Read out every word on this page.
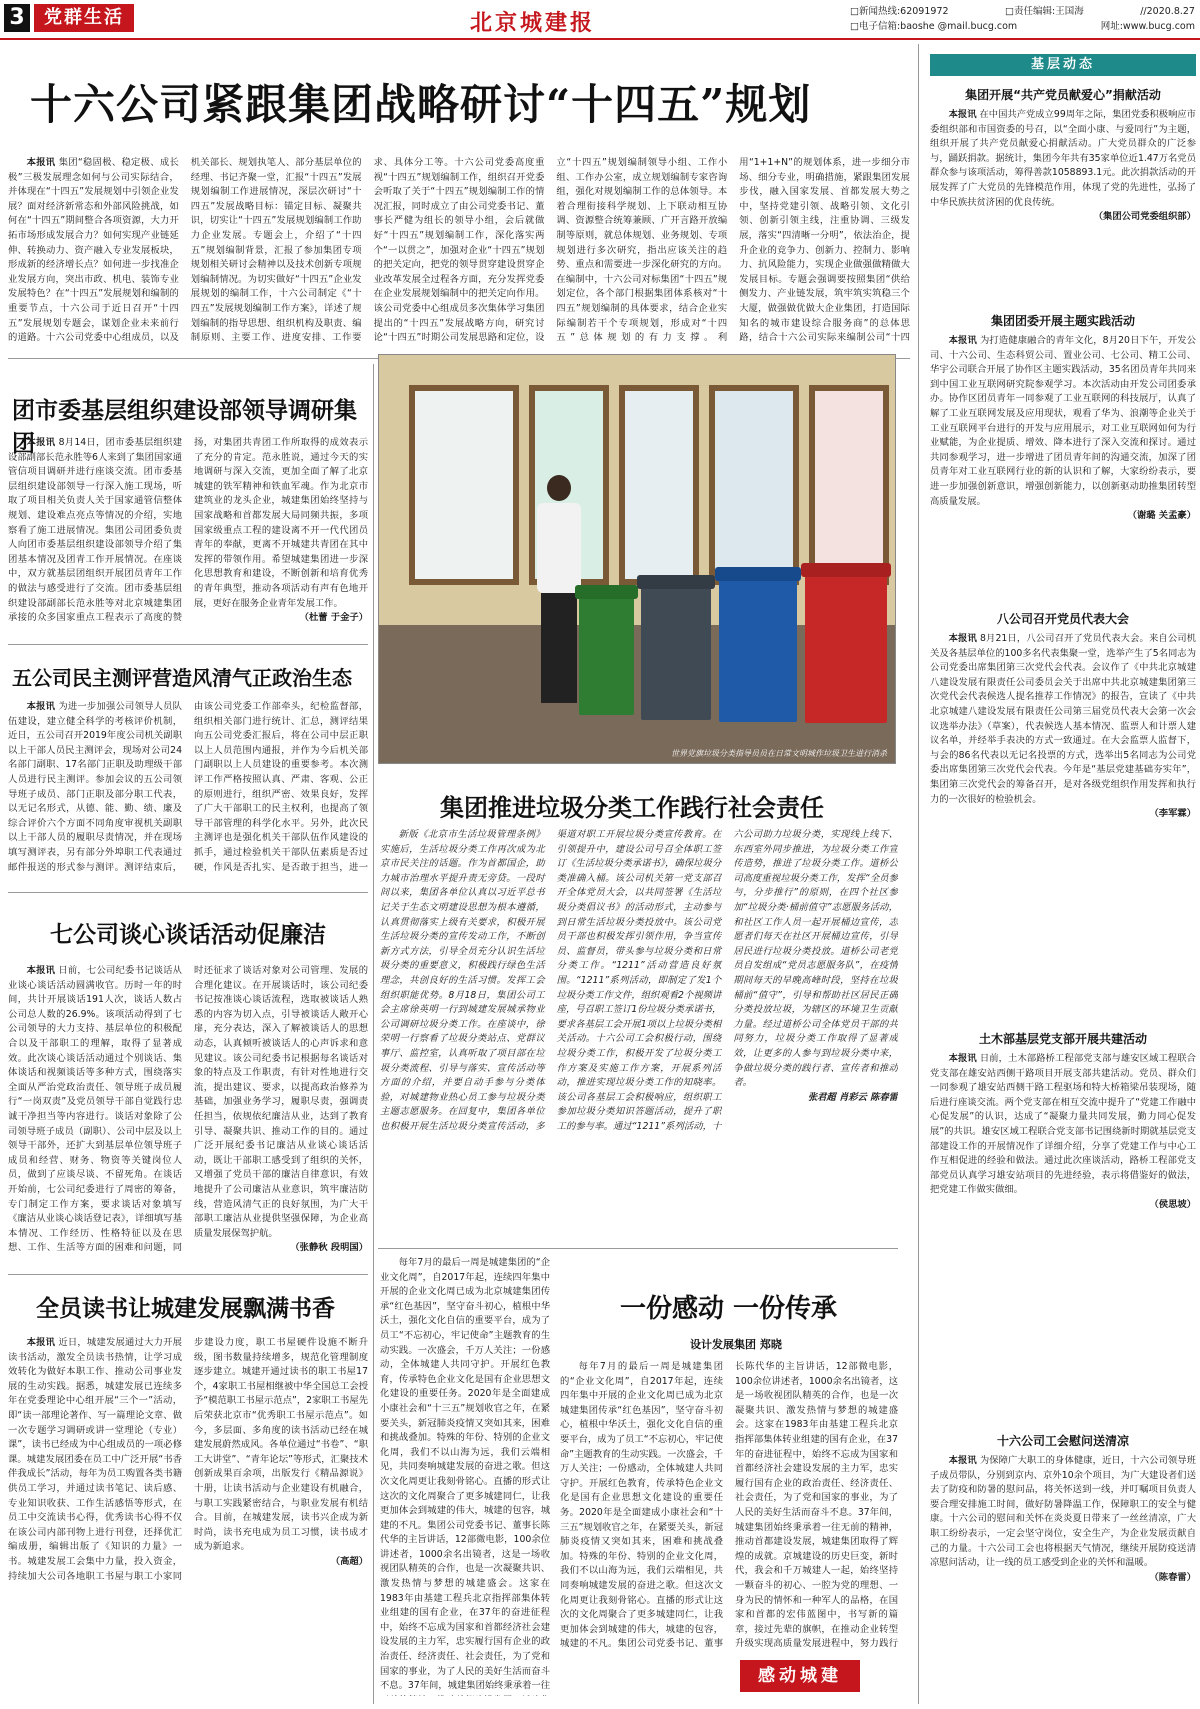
3	党群生活	北京城建报	□新闻热线:62091972	□责任编辑:王国海	//2020.8.27
□电子信箱:baoshe @mail.bucg.com	网址:www.bucg.com
十六公司紧跟集团战略研讨“十四五”规划

本报讯 集团“稳固极、稳定极、成长极”三极发展理念如何与公司实际结合，并体现在“十四五”发展规划中引领企业发展？面对经济新常态和外部风险挑战，如何在“十四五”期间整合各项资源，大力开拓市场形成发展合力？如何实现产业链延伸、转换动力、资产融入专业发展板块，形成新的经济增长点？如何进一步找准企业发展方向，突出市政、机电、装饰专业发展特色？在“十四五”发展规划和编制的重要节点，十六公司于近日召开“十四五”发展规划专题会，谋划企业未来前行的道路。十六公司党委中心组成员，以及机关部长、规划执笔人、部分基层单位的经理、书记齐聚一堂，汇报“十四五”发展规划编制工作进展情况，深层次研讨“十四五”发展战略目标：锚定目标、凝聚共识，切实让“十四五”发展规划编制工作助力企业发展。专题会上，介绍了“十四五”规划编制背景，汇报了参加集团专项规划相关研讨会精神以及技术创新专项规划编制情况。为切实做好“十四五”企业发展规划的编制工作，十六公司制定《“十四五”发展规划编制工作方案》，详述了规划编制的指导思想、组织机构及职责、编制原则、主要工作、进度安排、工作要求、具体分工等。十六公司党委高度重视“十四五”规划编制工作，组织召开党委会听取了关于“十四五”规划编制工作的情况汇报，同时成立了由公司党委书记、董事长严健为组长的领导小组，会后就做好“十四五”规划编制工作，深化落实两个“一以贯之”，加强对企业“十四五”规划的把关定向，把党的领导贯穿建设贯穿企业改革发展全过程各方面，充分发挥党委在企业发展规划编制中的把关定向作用。该公司党委中心组成员多次集体学习集团提出的“十四五”发展战略方向，研究讨论“十四五”时期公司发展思路和定位，设立“十四五”规划编制领导小组、工作小组、工作办公室，成立规划编制专家咨询组，强化对规划编制工作的总体领导。本着合理衔接科学规划、上下联动相互协调、资源整合统筹兼顾、广开言路开放编制等原则，就总体规划、业务规划、专项规划进行多次研究，指出应该关注的趋势、重点和需要进一步深化研究的方向。在编制中，十六公司对标集团“十四五”规划定位，各个部门根据集团体系核对“十四五”规划编制的具体要求，结合企业实际编制若干个专项规划，形成对“十四五”总体规划的有力支撑。利用“1+1+N”的规划体系，进一步细分市场、细分专业，明确措施，紧跟集团发展步伐，融入国家发展、首都发展大势之中，坚持党建引领、战略引领、文化引领、创新引领主线，注重协调、三级发展，落实“四清晰一分明”，依法治企，提升企业的竞争力、创新力、控制力、影响力、抗风险能力，实现企业做强做精做大发展目标。专题会强调要按照集团“供给侧发力、产业链发展，筑牢筑实筑稳三个大厦，做强做优做大企业集团，打造国际知名的城市建设综合服务商”的总体思路，结合十六公司实际来编制公司“十四

团市委基层组织建设部领导调研集团

本报讯 8月14日，团市委基层组织建设部副部长范永胜等6人来到了集团国家通管信项目调研并进行座谈交流。团市委基层组织建设部领导一行深入施工现场，听取了项目相关负责人关于国家通管信整体规划、建设难点亮点等情况的介绍，实地察看了施工进展情况。集团公司团委负责人向团市委基层组织建设部领导介绍了集团基本情况及团青工作开展情况。在座谈中，双方就基层团组织开展团员青年工作的做法与感受进行了交流。团市委基层组织建设部副部长范永胜等对北京城建集团承接的众多国家重点工程表示了高度的赞扬，对集团共青团工作所取得的成效表示了充分的肯定。范永胜说，通过今天的实地调研与深入交流，更加全面了解了北京城建的铁军精神和铁血军魂。作为北京市建筑业的龙头企业，城建集团始终坚持与国家战略和首都发展大局同频共振，多项国家级重点工程的建设离不开一代代团员青年的奉献，更离不开城建共青团在其中发挥的带领作用。希望城建集团进一步深化思想教育和建设，不断创新和培育优秀的青年典型，推动各项活动有声有色地开展，更好在服务企业青年发展工作。

（杜蕾 于金子）

五公司民主测评营造风清气正政治生态

本报讯 为进一步加强公司领导人员队伍建设，建立健全科学的考核评价机制，近日，五公司召开2019年度公司机关副职以上干部人员民主测评会，现场对公司24名部门副职、17名部门正职及助理级干部人员进行民主测评。参加会议的五公司领导班子成员、部门正职及部分职工代表，以无记名形式，从德、能、勤、绩、廉及综合评价六个方面不同角度审视机关副职以上干部人员的履职尽责情况，并在现场填写测评表，另有部分外埠职工代表通过邮件报送的形式参与测评。测评结束后，由该公司党委工作部牵头，纪检监督部，组织相关部门进行统计、汇总，测评结果向五公司党委汇报后，将在公司中层正职以上人员范围内通报，并作为今后机关部门副职以上人员建设的重要参考。本次测评工作严格按照认真、严肃、客观、公正的原则进行，组织严密、效果良好，发挥了广大干部职工的民主权利，也提高了领导干部管理的科学化水平。另外，此次民主测评也是强化机关干部队伍作风建设的抓手，通过检验机关干部队伍素质是否过硬，作风是否扎实、是否敢于担当，进一

七公司谈心谈话活动促廉洁

本报讯 日前，七公司纪委书记谈话从业谈心谈话活动圆满收官。历时一年的时间，共计开展谈话191人次，谈话人数占公司总人数的26.9%。该项活动得到了七公司领导的大力支持、基层单位的积极配合以及干部职工的理解，取得了显著成效。此次谈心谈话活动通过个别谈话、集体谈话和视频谈话等多种方式，围绕落实全面从严治党政治责任、领导班子成员履行“一岗双责”及党员领导干部自觉践行忠诚干净担当等内容进行。谈话对象除了公司领导班子成员（副职）、公司中层及以上领导干部外，还扩大到基层单位领导班子成员和经营、财务、物资等关键岗位人员，做到了应谈尽谈、不留死角。在谈话开始前，七公司纪委进行了周密的筹备，专门制定工作方案，要求谈话对象填写《廉洁从业谈心谈话登记表》，详细填写基本情况、工作经历、性格特征以及在思想、工作、生活等方面的困难和问题，同时还征求了谈话对象对公司管理、发展的合理化建议。在开展谈话时，该公司纪委书记按准谈心谈话流程，选取被谈话人熟悉的内容为切入点，引导被谈话人敞开心扉，充分表达，深入了解被谈话人的思想动态，认真倾听被谈话人的心声诉求和意见建议。该公司纪委书记根据每名谈话对象的特点及工作职责，有针对性地进行交流，提出建议、要求，以提高政治修养为基础，加强业务学习，履职尽责，强调责任担当，依规依纪廉洁从业，达到了教育引导、凝聚共识、推动工作的目的。通过广泛开展纪委书记廉洁从业谈心谈话活动，既让干部职工感受到了组织的关怀，又增强了党员干部的廉洁自律意识，有效地提升了公司廉洁从业意识，筑牢廉洁防线，营造风清气正的良好氛围，为广大干部职工廉洁从业提供坚强保障，为企业高质量发展保驾护航。

（张静秋 段明国）

全员读书让城建发展飘满书香

本报讯 近日，城建发展通过大力开展读书活动，激发全员读书热情，让学习成效转化为做好本职工作、推动公司事业发展的生动实践。据悉，城建发展已连续多年在党委理论中心组开展“三个一”活动，即“读一部理论著作、写一篇理论文章、做一次专题学习调研或讲一堂理论（专业）课”，读书已经成为中心组成员的一项必修课。城建发展团委在员工中广泛开展“书香伴我成长”活动，每年为员工购置各类书籍供员工学习，并通过读书笔记、读后感、专业知识收获、工作生活感悟等形式，在员工中交流读书心得，优秀读书心得不仅在该公司内部刊物上进行刊登，还择优汇编成册，编辑出版了《知识的力量》一书。城建发展工会集中力量，投入资金，持续加大公司各地职工书屋与职工小家同步建设力度，职工书屋硬件设施不断升级，图书数量持续增多，规范化管理制度逐步建立。城建开通过读书的职工书屋17个，4家职工书屋相继被中华全国总工会授予“模范职工书屋示范点”，2家职工书屋先后荣获北京市“优秀职工书屋示范点”。如今，多层面、多角度的读书活动已经在城建发展蔚然成风。各单位通过“书卷”、“职工大讲堂”、“青年论坛”等形式，汇聚技术创新成果百余项，出版发行《精品源说》十册，让读书活动与企业建设有机融合，与职工实践紧密结合，与职业发展有机结合。目前，在城建发展，读书兴企成为新时尚，读书充电成为员工习惯，读书成才成为新追求。

（高超）

世界党旗垃圾分类指导员员在日常文明城作垃圾卫生进行消杀
集团推进垃圾分类工作践行社会责任

新版《北京市生活垃圾管理条例》实施后，生活垃圾分类工作再次成为北京市民关注的话题。作为首都国企，助力城市治理水平提升责无旁贷。一段时间以来，集团各单位认真以习近平总书记关于生态文明建设思想为根本遵循，认真贯彻落实上级有关要求，积极开展生活垃圾分类的宣传发动工作，不断创新方式方法，引导全员充分认识生活垃圾分类的重要意义，积极践行绿色生活理念，共创良好的生活习惯。发挥工会组织职能优势。8月18日，集团公司工会主席徐英明一行到城建发展城承物业公司调研垃圾分类工作。在座谈中，徐荣明一行察看了垃圾分类站点、党群议事厅、监控室，认真听取了项目部在垃圾分类流程、引导与落实、宣传活动等方面的介绍，并要自动手参与分类体验，对城建物业热心员工参与垃圾分类主题志愿服务。在回复中，集团各单位也积极开展生活垃圾分类宣传活动，多渠道对职工开展垃圾分类宣传教育。在引领提升中，建设公司号召全体职工签订《生活垃圾分类承诺书》，确保垃圾分类准确入桶。该公司机关第一党支部召开全体党员大会，以共同签署《生活垃圾分类倡议书》的活动形式，主动参与到日常生活垃圾分类投放中。该公司党员干部也积极发挥引领作用，争当宣传员、监督员，带头参与垃圾分类和日常分类工作。“1211”活动营造良好氛围。“1211”系列活动，即制定了发1个垃圾分类工作文件，组织观看2个视频讲座，号召职工签订1份垃圾分类承诺书，要求各基层工会开展1项以上垃圾分类相关活动。十六公司工会积极行动，围绕垃圾分类工作，积极开发了垃圾分类工作方案及实施工作方案，开展系列活动，推进实现垃圾分类工作的知晓率。该公司各基层工会积极响应，组织职工参加垃圾分类知识答题活动，提升了职工的参与率。通过“1211”系列活动，十六公司助力垃圾分类，实现线上线下、东西室外同步推进，为垃圾分类工作宣传造势，推进了垃圾分类工作。道桥公司高度重视垃圾分类工作，发挥“全员参与，分步推行”的原则，在四个社区参加“垃圾分类·桶前值守”志愿服务活动，和社区工作人员一起开展桶边宣传，志愿者们每天在社区开展桶边宣传，引导居民进行垃圾分类投放。道桥公司老党员自发组成“党员志愿服务队”，在疫情期间每天的早晚高峰时段，坚持在垃圾桶前“值守”，引导和帮助社区居民正确分类投放垃圾，为辖区的环境卫生贡献力量。经过道桥公司全体党员干部的共同努力，垃圾分类工作取得了显著成效，让更多的人参与到垃圾分类中来，争做垃圾分类的践行者、宣传者和推动者。

张君超 肖彩云 陈春雷

每年7月的最后一周是城建集团的“企业文化周”，自2017年起，连续四年集中开展的企业文化周已成为北京城建集团传承“红色基因”，坚守奋斗初心，植根中华沃土，强化文化自信的重要平台，成为了员工“不忘初心，牢记使命”主题教育的生动实践。一次盛会，千万人关注；一份感动，全体城建人共同守护。开展红色教育，传承特色企业文化是国有企业思想文化建设的重要任务。2020年是全面建成小康社会和“十三五”规划收官之年，在紧要关头，新冠肺炎疫情又突如其来，困难和挑战叠加。特殊的年份、特别的企业文化周，我们不以山海为远，我们云端相见，共同奏响城建发展的奋进之歌。但这次文化周更让我刻骨铭心。直播的形式让这次的文化周聚合了更多城建同仁，让我更加体会到城建的伟大，城建的包容，城建的不凡。集团公司党委书记、董事长陈代华的主旨讲话，12部微电影，100余位讲述者，1000余名出镜者，这是一场收视团队精英的合作，也是一次凝聚共识、激发热情与梦想的城建盛会。这家在1983年由基建工程兵北京指挥部集体转业组建的国有企业，在37年的奋进征程中，始终不忘成为国家和首都经济社会建设发展的主力军，忠实履行国有企业的政治责任、经济责任、社会责任，为了党和国家的事业，为了人民的美好生活而奋斗不息。37年间，城建集团始终秉承着一往

一份感动 一份传承
设计发展集团 郑晓

每年7月的最后一周是城建集团的“企业文化周”，自2017年起，连续四年集中开展的企业文化周已成为北京城建集团传承“红色基因”，坚守奋斗初心，植根中华沃土，强化文化自信的重要平台，成为了员工“不忘初心，牢记使命”主题教育的生动实践。一次盛会，千万人关注；一份感动，全体城建人共同守护。开展红色教育，传承特色企业文化是国有企业思想文化建设的重要任务。2020年是全面建成小康社会和“十三五”规划收官之年，在紧要关头，新冠肺炎疫情又突如其来，困难和挑战叠加。特殊的年份、特别的企业文化周，我们不以山海为远，我们云端相见，共同奏响城建发展的奋进之歌。但这次文化周更让我刻骨铭心。直播的形式让这次的文化周聚合了更多城建同仁，让我更加体会到城建的伟大，城建的包容，城建的不凡。集团公司党委书记、董事长陈代华的主旨讲话，12部微电影，100余位讲述者，1000余名出镜者，这是一场收视团队精英的合作，也是一次凝聚共识、激发热情与梦想的城建盛会。这家在1983年由基建工程兵北京指挥部集体转业组建的国有企业，在37年的奋进征程中，始终不忘成为国家和首都经济社会建设发展的主力军，忠实履行国有企业的政治责任、经济责任、社会责任，为了党和国家的事业，为了人民的美好生活而奋斗不息。37年间，城建集团始终秉承着一往无前的精神，推动首都建设发展，城建集团取得了辉煌的成就。京城建设的历史巨变，新时代，我会和千万城建人一起，始终坚持一颗奋斗的初心、一腔为党的理想、一身为民的情怀和一种军人的品格，在国家和首都的宏伟蓝图中，书写新的篇章，接过先辈的旗帜，在推动企业转型升级实现高质量发展进程中，努力践行

感动城建
基层动态
集团开展“共产党员献爱心”捐献活动

本报讯 在中国共产党成立99周年之际，集团党委积极响应市委组织部和市国资委的号召，以“全面小康、与爱同行”为主题，组织开展了共产党员献爱心捐献活动。广大党员群众的广泛参与，踊跃捐款。据统计，集团今年共有35家单位近1.47万名党员群众参与该项活动，筹得善款1058893.1元。此次捐款活动的开展发挥了广大党员的先锋模范作用，体现了党的先进性，弘扬了中华民族扶贫济困的优良传统。

（集团公司党委组织部）

集团团委开展主题实践活动

本报讯 为打造健康融合的青年文化，8月20日下午，开发公司、十六公司、生态科贸公司、置业公司、七公司、精工公司、华宇公司联合开展了协作区主题实践活动，35名团员青年共同来到中国工业互联网研究院参观学习。本次活动由开发公司团委承办。协作区团员青年一同参观了工业互联网的科技展厅，认真了解了工业互联网发展及应用现状，观看了华为、浪潮等企业关于工业互联网平台进行的开发与应用展示，对工业互联网如何为行业赋能，为企业提质、增效、降本进行了深入交流和探讨。通过共同参观学习，进一步增进了团员青年间的沟通交流，加深了团员青年对工业互联网行业的新的认识和了解，大家纷纷表示，要进一步加强创新意识，增强创新能力，以创新驱动助推集团转型高质量发展。

（谢璐 关孟豪）

八公司召开党员代表大会

本报讯 8月21日，八公司召开了党员代表大会。来自公司机关及各基层单位的100多名代表集聚一堂，选举产生了5名同志为公司党委出席集团第三次党代会代表。会议作了《中共北京城建八建设发展有限责任公司委员会关于出席中共北京城建集团第三次党代会代表候选人提名推荐工作情况》的报告，宣读了《中共北京城建八建设发展有限责任公司第三届党员代表大会第一次会议选举办法》（草案），代表候选人基本情况、监票人和计票人建议名单，并经举手表决的方式一致通过。在大会监票人监督下，与会的86名代表以无记名投票的方式，选举出5名同志为公司党委出席集团第三次党代会代表。今年是“基层党建基础夯实年”，集团第三次党代会的筹备召开，是对各级党组织作用发挥和执行力的一次很好的检验机会。

（李军霖）

土木部基层党支部开展共建活动

本报讯 日前，土木部路桥工程部党支部与雄安区域工程联合党支部在雄安站西侧干路项目开展支部共建活动。党员、群众们一同参观了雄安站西侧干路工程驱场和特大桥箱梁吊装现场，随后进行座谈交流。两个党支部在相互交流中提升了“党建工作融中心促发展”的认识，达成了“凝聚力量共同发展，勤力同心促发展”的共识。雄安区域工程联合党支部书记围绕新时期就基层党支部建设工作的开展情况作了详细介绍，分享了党建工作与中心工作互相促进的经验和做法。通过此次座谈活动，路桥工程部党支部党员认真学习雄安站项目的先进经验，表示将借鉴好的做法，把党建工作做实做细。

（侯思坡）

十六公司工会慰问送清凉

本报讯 为保障广大职工的身体健康，近日，十六公司领导班子成员带队，分别到京内、京外10余个项目，为广大建设者们送去了防疫和防暑的慰问品，将关怀送到一线，并叮嘱项目负责人要合理安排施工时间，做好防暑降温工作，保障职工的安全与健康。十六公司的慰问和关怀在炎炎夏日带来了一丝丝清凉，广大职工纷纷表示，一定会坚守岗位，安全生产，为企业发展贡献自己的力量。十六公司工会也将根据天气情况，继续开展防疫送清凉慰问活动，让一线的员工感受到企业的关怀和温暖。

（陈春雷）
